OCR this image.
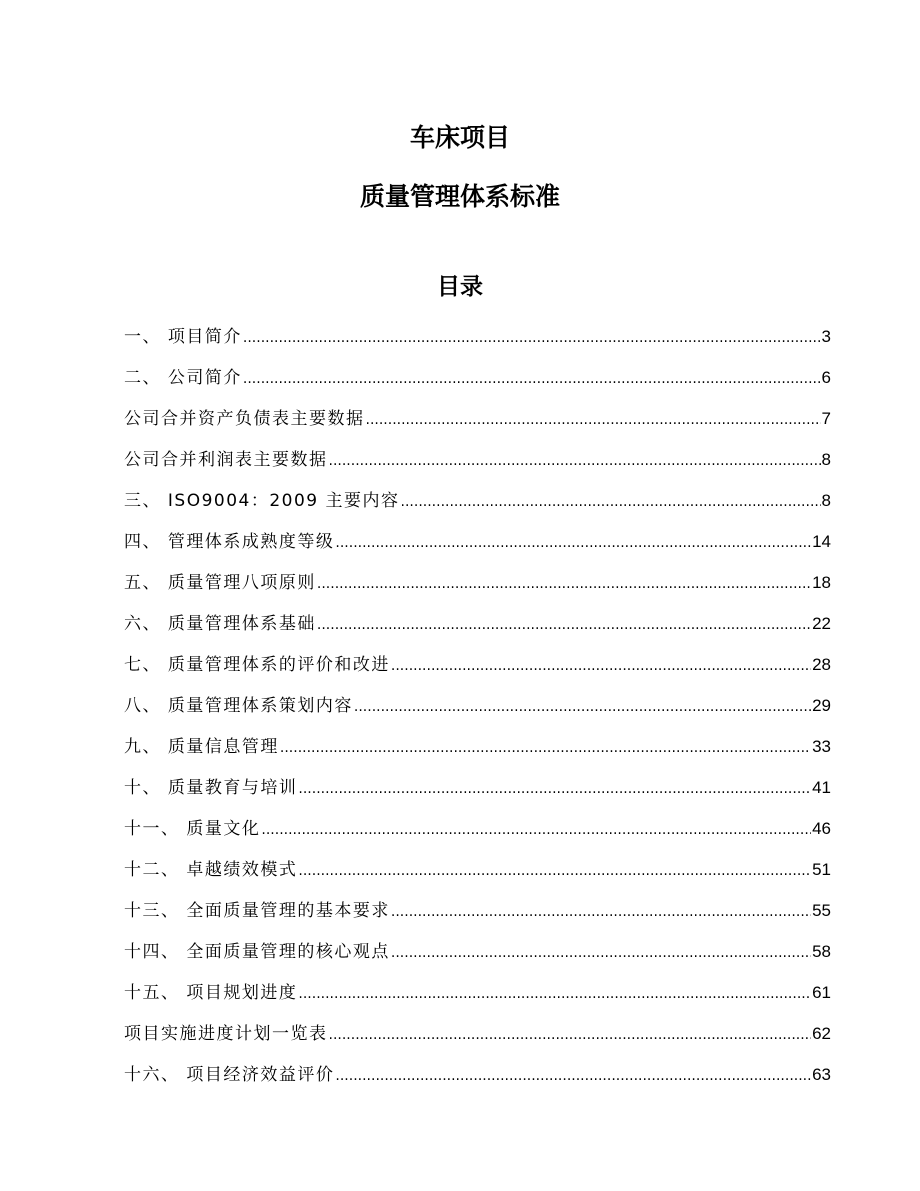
车床项目
质量管理体系标准
目录
一、 项目简介 .....	3
二、 公司简介 .....	6
公司合并资产负债表主要数据 .....	7
公司合并利润表主要数据 .....	8
三、 ISO9004：2009 主要内容 .....	8
四、 管理体系成熟度等级 .....	14
五、 质量管理八项原则 .....	18
六、 质量管理体系基础 .....	22
七、 质量管理体系的评价和改进 .....	28
八、 质量管理体系策划内容 .....	29
九、 质量信息管理 .....	33
十、 质量教育与培训 .....	41
十一、 质量文化 .....	46
十二、 卓越绩效模式 .....	51
十三、 全面质量管理的基本要求 .....	55
十四、 全面质量管理的核心观点 .....	58
十五、 项目规划进度 .....	61
项目实施进度计划一览表 .....	62
十六、 项目经济效益评价 .....	63
